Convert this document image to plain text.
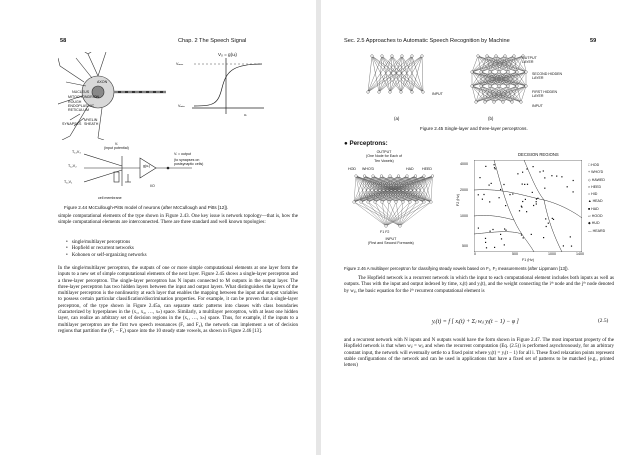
58	Chap. 2 The Speech Signal
AXON
NUCLEUS
MITOCHONDRION
ROUGH
ENDOPLASMIC
RETICULUM
MYELIN
SHEATH
SYNAPSES
Vₒ = g(uᵢ)
Vₘₐₓ
Vₘᵢₙ
uᵢ
Vᵢ
(input potential)
T₁₃V₃
T₁₂V₂
T₁₁V₁
g(uᵢ)
Vᵢ = output
(to synapses on
postsynaptic cells)
I/O
cell membrane
Figure 2.44 McCullough-Pitts model of neurons (after McCullough and Pitts [12]).
simple computational elements of the type shown in Figure 2.43. One key issue is network topology—that is, how the simple computational elements are interconnected. There are three standard and well known topologies:
• single/multilayer perceptrons
• Hopfield or recurrent networks
• Kohonen or self-organizing networks
In the single/multilayer perceptron, the outputs of one or more simple computational elements at one layer form the inputs to a new set of simple computational elements of the next layer. Figure 2.45 shows a single-layer perceptron and a three-layer perceptron. The single-layer perceptron has N inputs connected to M outputs in the output layer. The three-layer perceptron has two hidden layers between the input and output layers. What distinguishes the layers of the multilayer perceptron is the nonlinearity at each layer that enables the mapping between the input and output variables to possess certain particular classification/discrimination properties. For example, it can be proven that a single-layer perceptron, of the type shown in Figure 2.45a, can separate static patterns into classes with class boundaries characterized by hyperplanes in the (x₁, x₂, …, xₙ) space. Similarly, a multilayer perceptron, with at least one hidden layer, can realize an arbitrary set of decision regions in the (x₁, …, xₙ) space. Thus, for example, if the inputs to a multilayer perceptron are the first two speech resonances (F₁ and F₂), the network can implement a set of decision regions that partition the (F₁ − F₂) space into the 10 steady state vowels, as shown in Figure 2.46 [13].
Sec. 2.5 Approaches to Automatic Speech Recognition by Machine	59
OUTPUT
LAYER
SECOND HIDDEN
LAYER
FIRST HIDDEN
LAYER
INPUT
INPUT
(a)	(b)
Figure 2.45 Single-layer and three-layer perceptrons.
● Perceptrons:
OUTPUT
(One Node for Each of
Ten Vowels)
HOD WHO'D	HAD HEED
F1 F2
INPUT
(First and Second Formants)
DECISION REGIONS
F2 (Hz)
4000
2000
1000
500
0	500	1000	1400
F1 (Hz)
□ HOD
+ WHO'D
◇ HAWED
× HEED
○ HID
▲ HEAD
■ HAD
▱ HOOD
◆ HUD
— HEARD
Figure 2.46 A multilayer perceptron for classifying steady vowels based on F₁, F₂ measurements (after Lippmann [13]).
The Hopfield network is a recurrent network in which the input to each computational element includes both inputs as well as outputs. Thus with the input and output indexed by time, xᵢ(t) and yᵢ(t), and the weight connecting the iᵗʰ node and the jᵗʰ node denoted by wᵢⱼ, the basic equation for the iᵗʰ recurrent computational element is
yᵢ(t) = f [ xᵢ(t) + Σⱼ wᵢⱼ yⱼ(t − 1) − φ ]	(2.5)
and a recurrent network with N inputs and N outputs would have the form shown in Figure 2.47. The most important property of the Hopfield network is that when wᵢⱼ = wⱼᵢ and when the recurrent computation (Eq. (2.5)) is performed asynchronously, for an arbitrary constant input, the network will eventually settle to a fixed point where yᵢ(t) = yᵢ(t − 1) for all i. These fixed relaxation points represent stable configurations of the network and can be used in applications that have a fixed set of patterns to be matched (e.g., printed letters)
